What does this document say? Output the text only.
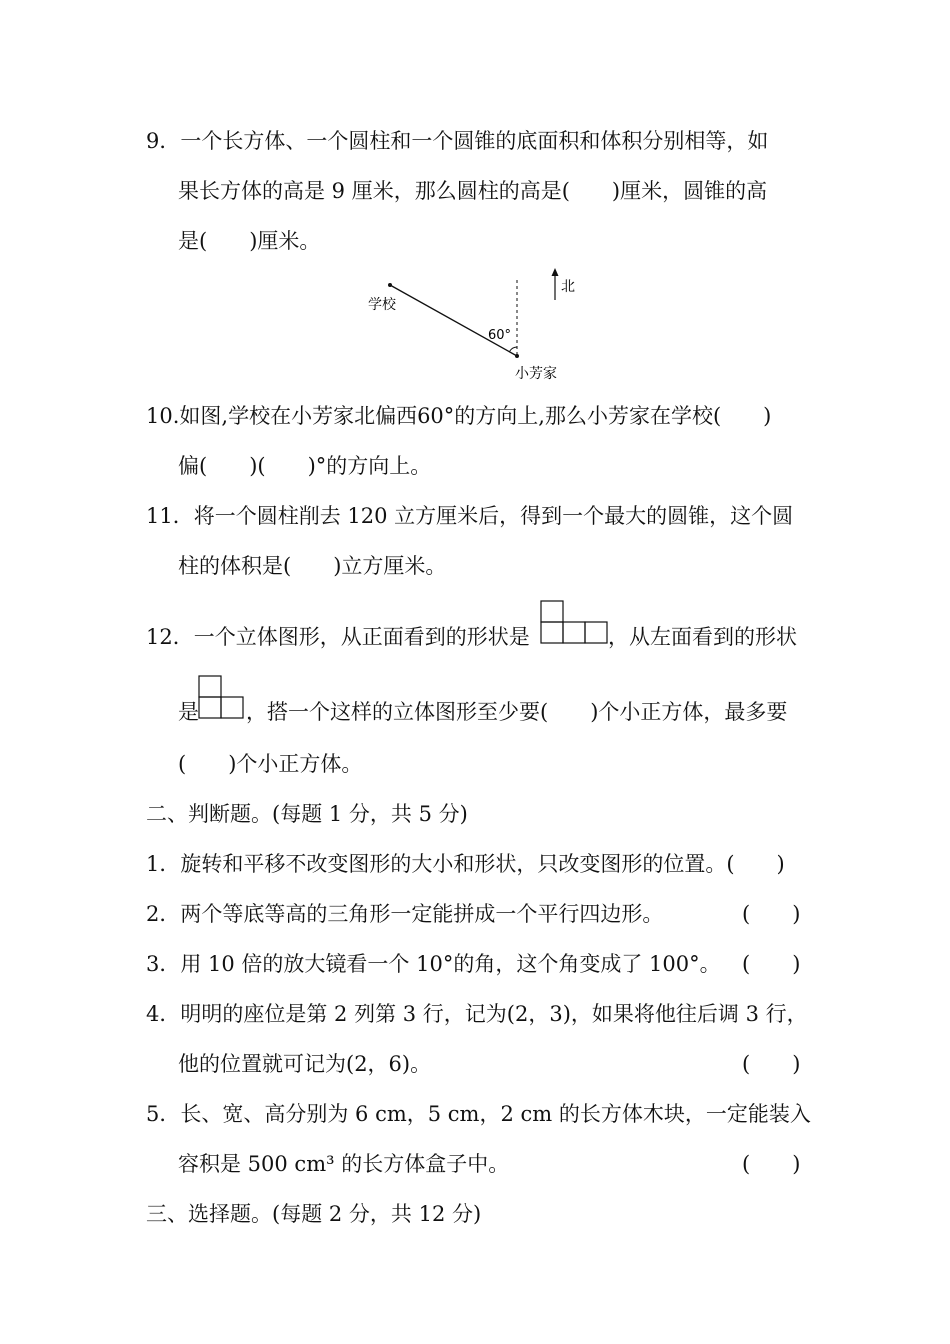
9．一个长方体、一个圆柱和一个圆锥的底面积和体积分别相等，如
果长方体的高是 9 厘米，那么圆柱的高是(　　)厘米，圆锥的高
是(　　)厘米。
北
60°
学校
小芳家
10.如图,学校在小芳家北偏西60°的方向上,那么小芳家在学校(　　)
偏(　　)(　　)°的方向上。
11．将一个圆柱削去 120 立方厘米后，得到一个最大的圆锥，这个圆
柱的体积是(　　)立方厘米。
12．一个立体图形，从正面看到的形状是	，从左面看到的形状
是 ，搭一个这样的立体图形至少要(　　)个小正方体，最多要
(　　)个小正方体。
二、判断题。(每题 1 分，共 5 分)
1．旋转和平移不改变图形的大小和形状，只改变图形的位置。(　　)
2．两个等底等高的三角形一定能拼成一个平行四边形。	(　　)
3．用 10 倍的放大镜看一个 10°的角，这个角变成了 100°。 (　　)
4．明明的座位是第 2 列第 3 行，记为(2，3)，如果将他往后调 3 行，
他的位置就可记为(2，6)。	(　　)
5．长、宽、高分别为 6 cm，5 cm，2 cm 的长方体木块，一定能装入
容积是 500 cm³ 的长方体盒子中。	(　　)
三、选择题。(每题 2 分，共 12 分)
